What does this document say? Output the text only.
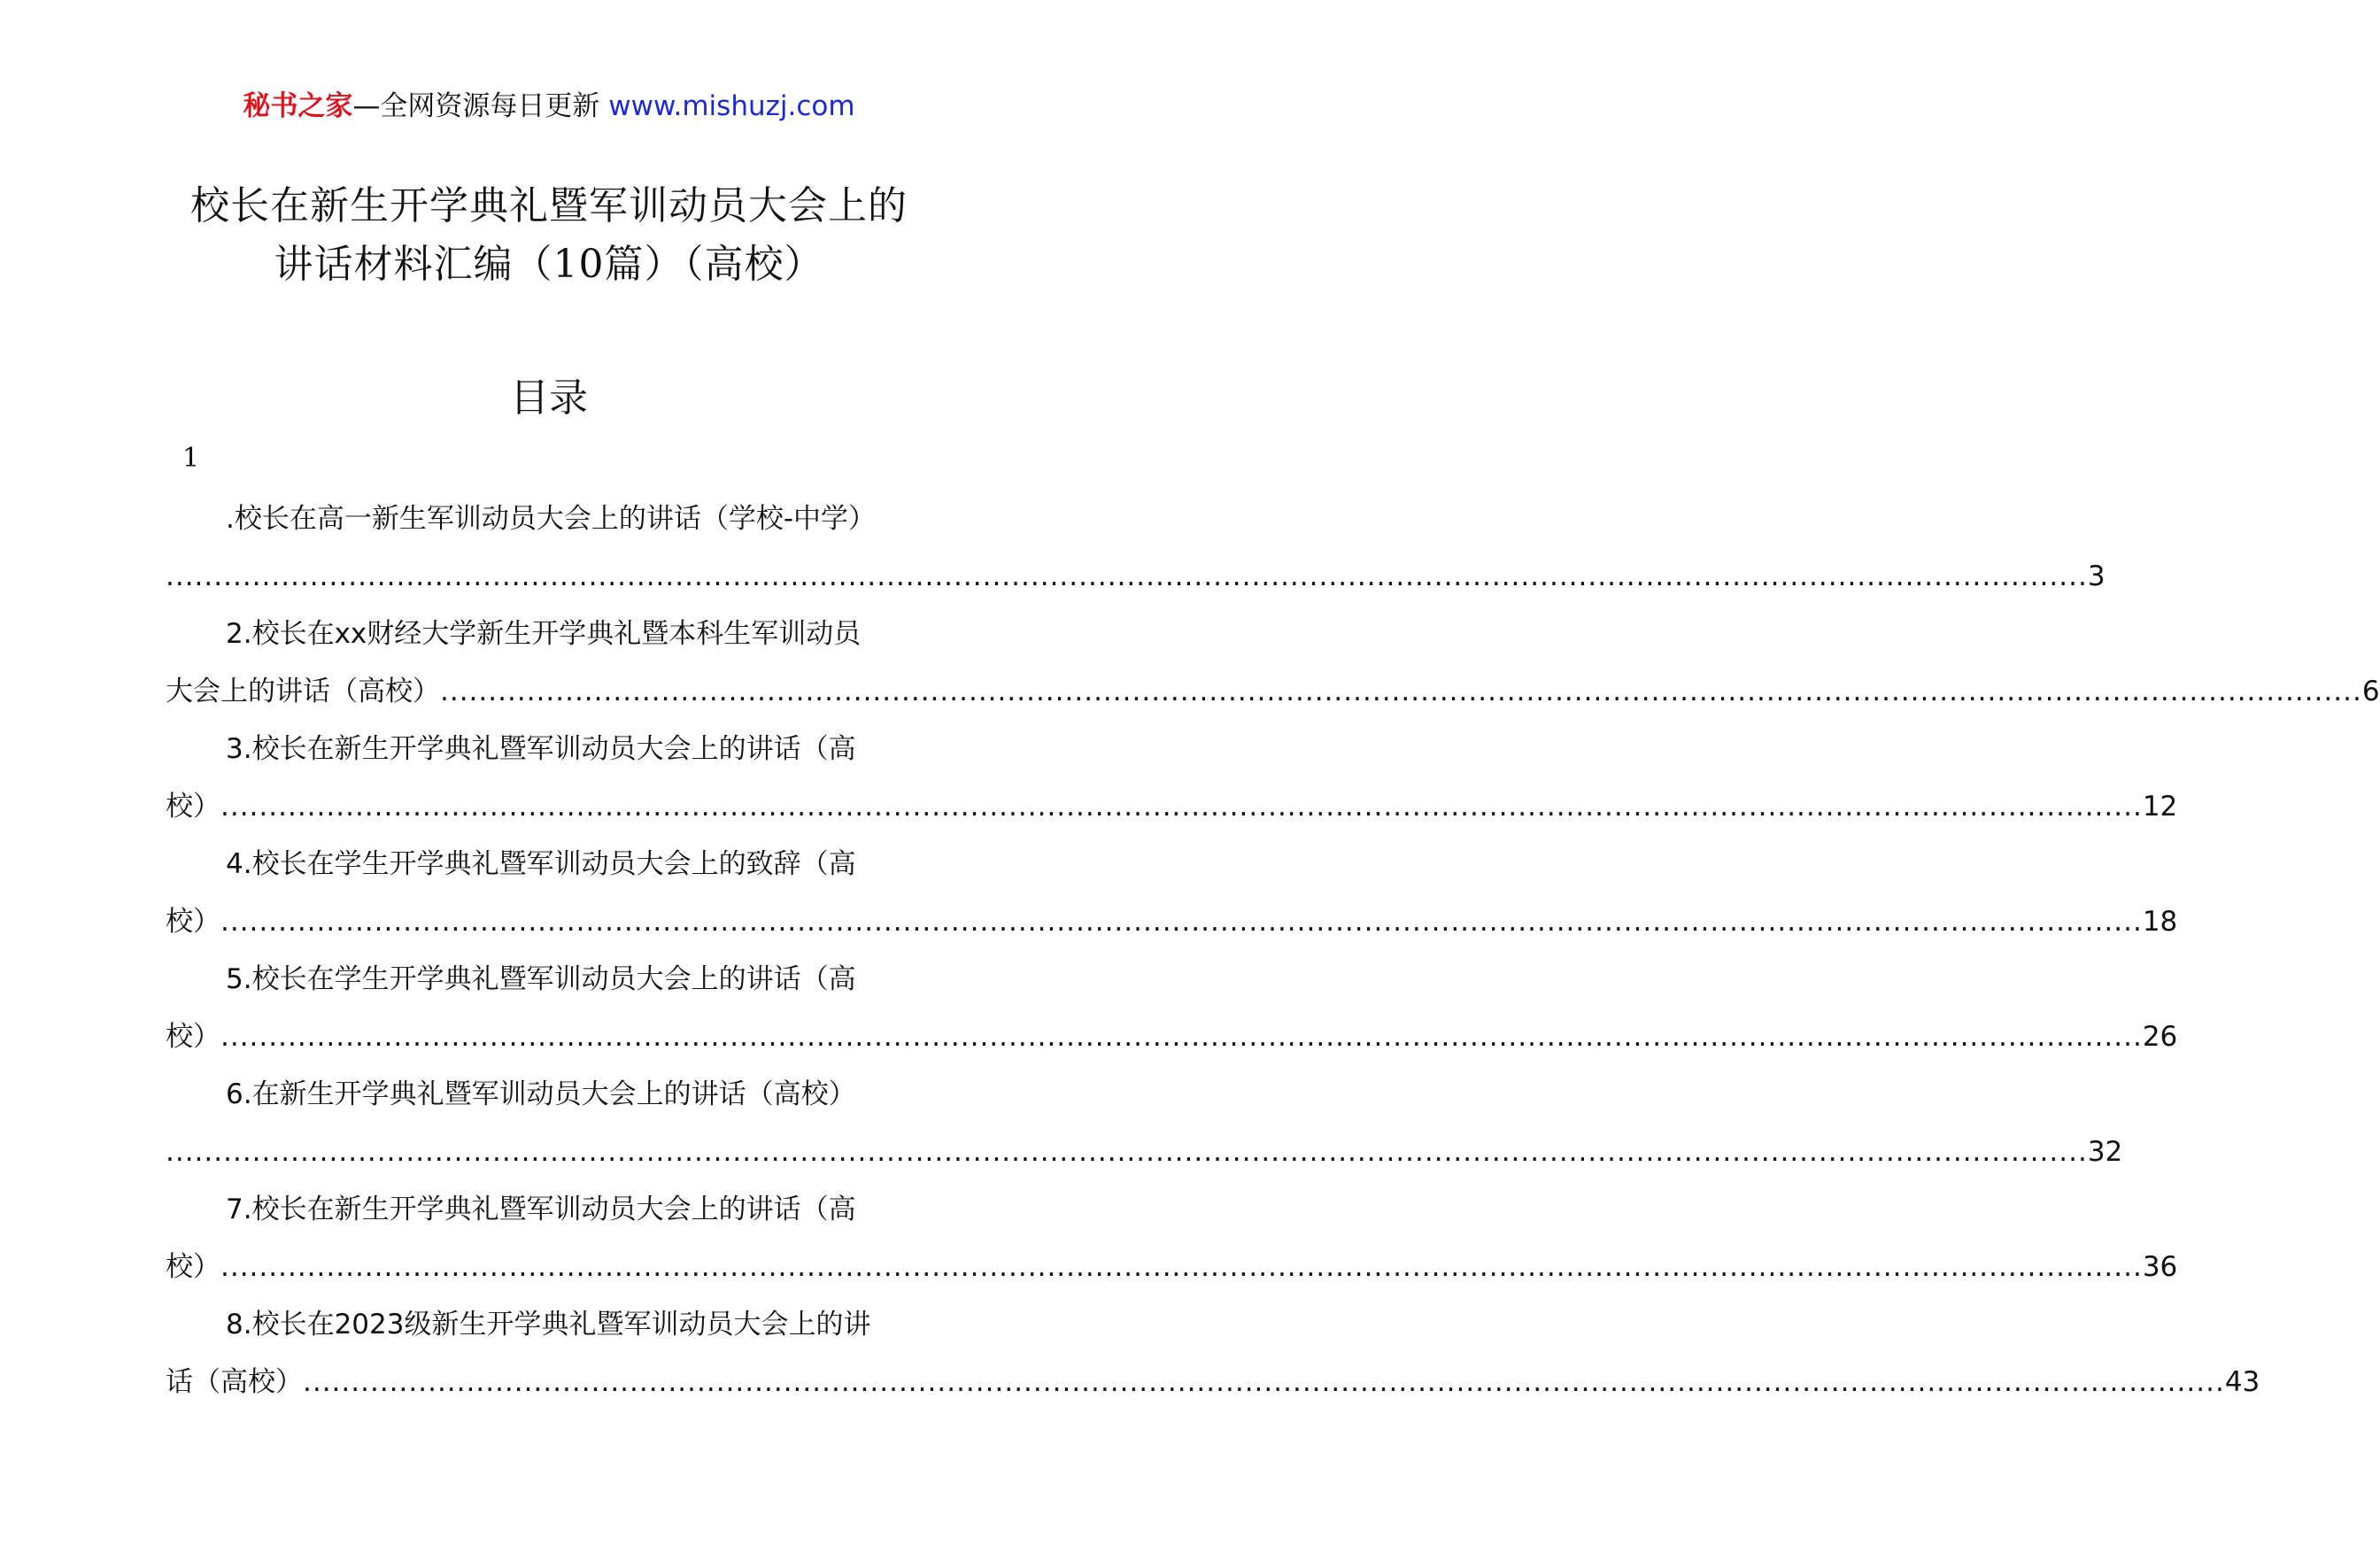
秘书之家—全网资源每日更新 www.mishuzj.com
校长在新生开学典礼暨军训动员大会上的
讲话材料汇编（10篇）（高校）
目录
1
.校长在高一新生军训动员大会上的讲话（学校-中学）
........................................................................................................................................................................................................ 3
2.校长在xx财经大学新生开学典礼暨本科生军训动员
大会上的讲话（高校） ........................................................................................................................................................................................................ 6
3.校长在新生开学典礼暨军训动员大会上的讲话（高
校） ........................................................................................................................................................................................................ 12
4.校长在学生开学典礼暨军训动员大会上的致辞（高
校） ........................................................................................................................................................................................................ 18
5.校长在学生开学典礼暨军训动员大会上的讲话（高
校） ........................................................................................................................................................................................................ 26
6.在新生开学典礼暨军训动员大会上的讲话（高校）
........................................................................................................................................................................................................ 32
7.校长在新生开学典礼暨军训动员大会上的讲话（高
校） ........................................................................................................................................................................................................ 36
8.校长在2023级新生开学典礼暨军训动员大会上的讲
话（高校） ........................................................................................................................................................................................................ 43
